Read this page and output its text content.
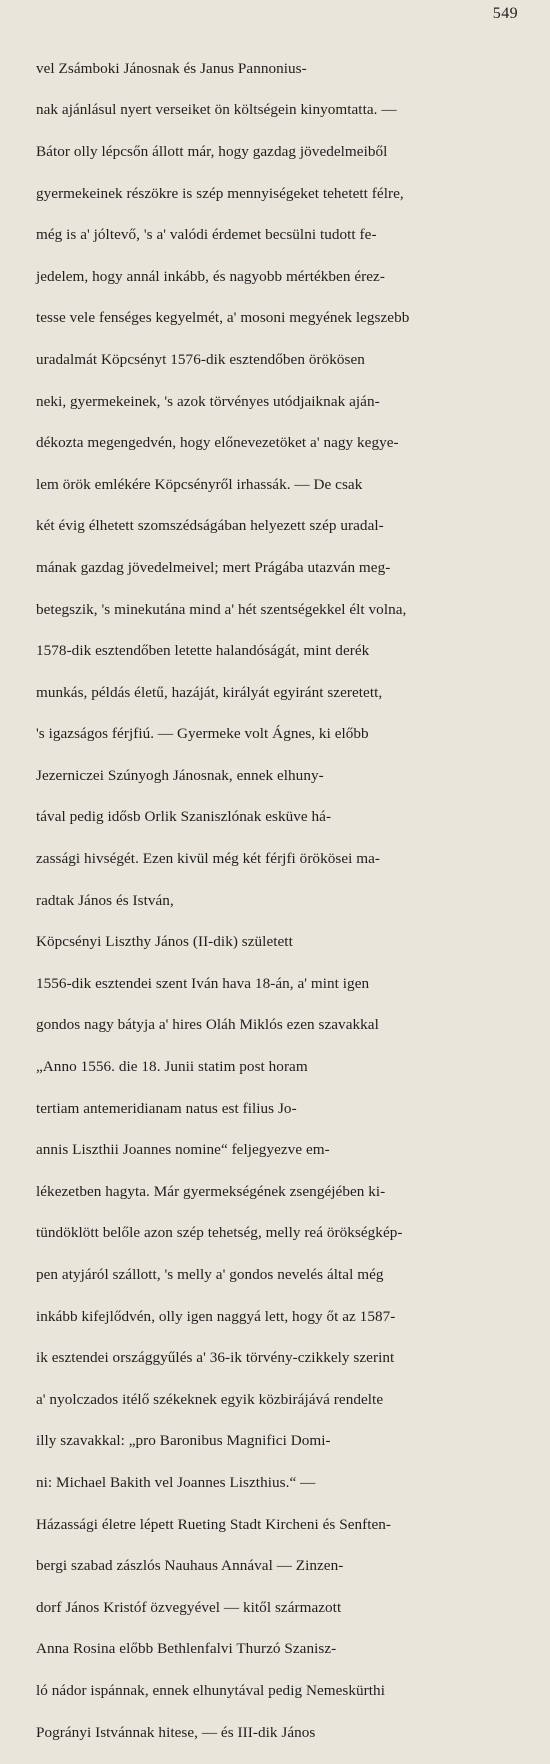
549

vel Zsámboki Jánosnak és Janus Pannonius-

nak ajánlásul nyert verseiket ön költségein kinyomtatta. —

Bátor olly lépcsőn állott már, hogy gazdag jövedelmeiből

gyermekeinek részökre is szép mennyiségeket tehetett félre,

még is a' jóltevő, 's a' valódi érdemet becsülni tudott fe-

jedelem, hogy annál inkább, és nagyobb mértékben érez-

tesse vele fenséges kegyelmét, a' mosoni megyének legszebb

uradalmát Köpcsényt 1576-dik esztendőben örökösen

neki, gyermekeinek, 's azok törvényes utódjaiknak aján-

dékozta megengedvén, hogy előnevezetöket a' nagy kegye-

lem örök emlékére Köpcsényről irhassák. — De csak

két évig élhetett szomszédságában helyezett szép uradal-

mának gazdag jövedelmeivel; mert Prágába utazván meg-

betegszik, 's minekutána mind a' hét szentségekkel élt volna,

1578-dik esztendőben letette halandóságát, mint derék

munkás, példás életű, hazáját, királyát egyiránt szeretett,

's igazságos férjfiú. — Gyermeke volt Ágnes, ki előbb

Jezerniczei Szúnyogh Jánosnak, ennek elhuny-

tával pedig idősb Orlik Szaniszlónak esküve há-

zassági hivségét. Ezen kivül még két férjfi örökösei ma-

radtak János és István,

Köpcsényi Liszthy János (II-dik) született

1556-dik esztendei szent Iván hava 18-án, a' mint igen

gondos nagy bátyja a' hires Oláh Miklós ezen szavakkal

„Anno 1556. die 18. Junii statim post horam

tertiam antemeridianam natus est filius Jo-

annis Liszthii Joannes nomine“ feljegyezve em-

lékezetben hagyta. Már gyermekségének zsengéjében ki-

tündöklött belőle azon szép tehetség, melly reá örökségkép-

pen atyjáról szállott, 's melly a' gondos nevelés által még

inkább kifejlődvén, olly igen naggyá lett, hogy őt az 1587-

ik esztendei országgyűlés a' 36-ik törvény-czikkely szerint

a' nyolczados itélő székeknek egyik közbirájává rendelte

illy szavakkal: „pro Baronibus Magnifici Domi-

ni: Michael Bakith vel Joannes Liszthius.“ —

Házassági életre lépett Rueting Stadt Kircheni és Senften-

bergi szabad zászlós Nauhaus Annával — Zinzen-

dorf János Kristóf özvegyével — kitől származott

Anna Rosina előbb Bethlenfalvi Thurzó Szanisz-

ló nádor ispánnak, ennek elhunytával pedig Nemeskürthi

Pogrányi Istvánnak hitese, — és III-dik János
